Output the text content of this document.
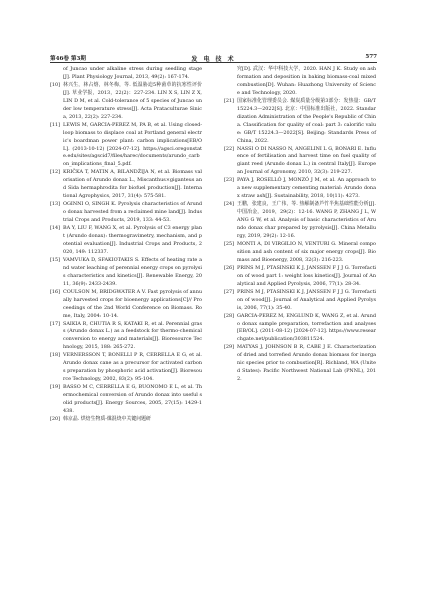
第46卷 第3期	发 电 技 术	577
of Juncao under alkaline stress during seedling stage[J]. Plant Physiology Journal, 2013, 49(2): 167-174.
[10] 林兴生，林占熺，林冬梅，等. 低温胁迫5种菌草的抗寒性评价[J]. 草业学报，2013，22(2)：227-234. LIN X S, LIN Z X, LIN D M, et al. Cold-tolerance of 5 species of Juncao under low temperature stress[J]. Acta Prataculturae Sinica, 2013, 22(2): 227-234.
[11] LEWIS M, GARCIA-PEREZ M, PA B, et al. Using closed-loop biomass to displace coal at Portland general electric's boardman power plant: carbon implications[EB/OL]. (2013-10-12) [2024-07-12]. https://agsci.oregonstate.edu/sites/agscid7/files/harec/documents/arundo_carbon_implications_final_5.pdf.
[12] KRIČKA T, MATIN A, BILANDŽIJA N, et al. Biomass valorisation of Arundo donax L., Miscanthus×giganteus and Sida hermaphrodita for biofuel production[J]. International Agrophysics, 2017, 31(4): 575-581.
[13] OGINNI O, SINGH K. Pyrolysis characteristics of Arundo donax harvested from a reclaimed mine land[J]. Industrial Crops and Products, 2019, 133: 44-53.
[14] BA Y, LIU F, WANG X, et al. Pyrolysis of C3 energy plant (Arundo donax): thermogravimetry, mechanism, and potential evaluation[J]. Industrial Crops and Products, 2020, 149: 112337.
[15] VAMVUKA D, SFAKIOTAKIS S. Effects of heating rate and water leaching of perennial energy crops on pyrolysis characteristics and kinetics[J]. Renewable Energy, 2011, 36(9): 2433-2439.
[16] COULSON M, BRIDGWATER A V. Fast pyrolysis of annually harvested crops for bioenergy applications[C]// Proceedings of the 2nd World Conference on Biomass. Rome, Italy, 2004: 10-14.
[17] SAIKIA R, CHUTIA R S, KATAKI R, et al. Perennial grass (Arundo donax L.) as a feedstock for thermo-chemical conversion to energy and materials[J]. Bioresource Technology, 2015, 188: 265-272.
[18] VERNERSSON T, BONELLI P R, CERRELLA E G, et al. Arundo donax cane as a precursor for activated carbons preparation by phosphoric acid activation[J]. Bioresource Technology, 2002, 83(2): 95-104.
[19] BASSO M C, CERRELLA E G, BUONOMO E L, et al. Thermochemical conversion of Arundo donax into useful solid products[J]. Energy Sources, 2005, 27(15): 1429-1438.
[20] 韩京晶. 烘焙生物质-煤混烧中关键问题研
究[D]. 武汉：华中科技大学，2020. HAN J K. Study on ash formation and deposition in baking biomass-coal mixed combustion[D]. Wuhan: Huazhong University of Science and Technology, 2020.
[21] 国家标准化管理委员会. 煤炭质量分级第3部分：发热量：GB/T 15224.3—2022[S]. 北京：中国标准出版社，2022. Standardization Administration of the People's Republic of China. Classification for quality of coal: part 3: calorific value: GB/T 15224.3—2022[S]. Beijing: Standards Press of China, 2022.
[22] NASSI O DI NASSO N, ANGELINI L G, BONARI E. Influence of fertilisation and harvest time on fuel quality of giant reed (Arundo donax L.) in central Italy[J]. European Journal of Agronomy, 2010, 32(3): 219-227.
[23] PAYA J, ROSELLÓ J, MONZÓ J M, et al. An approach to a new supplementary cementing material: Arundo donax straw ash[J]. Sustainability, 2018, 10(11): 4273.
[24] 王鹏，张建良，王广伟，等. 热解制备芦竹半焦基础性能分析[J]. 中国冶金，2019，29(2)：12-16. WANG P, ZHANG J L, WANG G W, et al. Analysis of basic characteristics of Arundo donax char prepared by pyrolysis[J]. China Metallurgy, 2019, 29(2): 12-16.
[25] MONTI A, DI VIRGILIO N, VENTURI G. Mineral composition and ash content of six major energy crops[J]. Biomass and Bioenergy, 2008, 32(3): 216-223.
[26] PRINS M J, PTASINSKI K J, JANSSEN F J J G. Torrefaction of wood part 1: weight loss kinetics[J]. Journal of Analytical and Applied Pyrolysis, 2006, 77(1): 28-34.
[27] PRINS M J, PTASINSKI K J, JANSSEN F J J G. Torrefaction of wood[J]. Journal of Analytical and Applied Pyrolysis, 2006, 77(1): 35-40.
[28] GARCIA-PEREZ M, ENGLUND K, WANG Z, et al. Arundo donax sample preparation, torrefaction and analyses[EB/OL]. (2011-08-12) [2024-07-12]. https://www.researchgate.net/publication/303811524.
[29] MATYAS J, JOHNSON B R, CABE J E. Characterization of dried and torrefied Arundo donax biomass for inorganic species prior to combustion[R]. Richland, WA (United States): Pacific Northwest National Lab (PNNL), 2012.
